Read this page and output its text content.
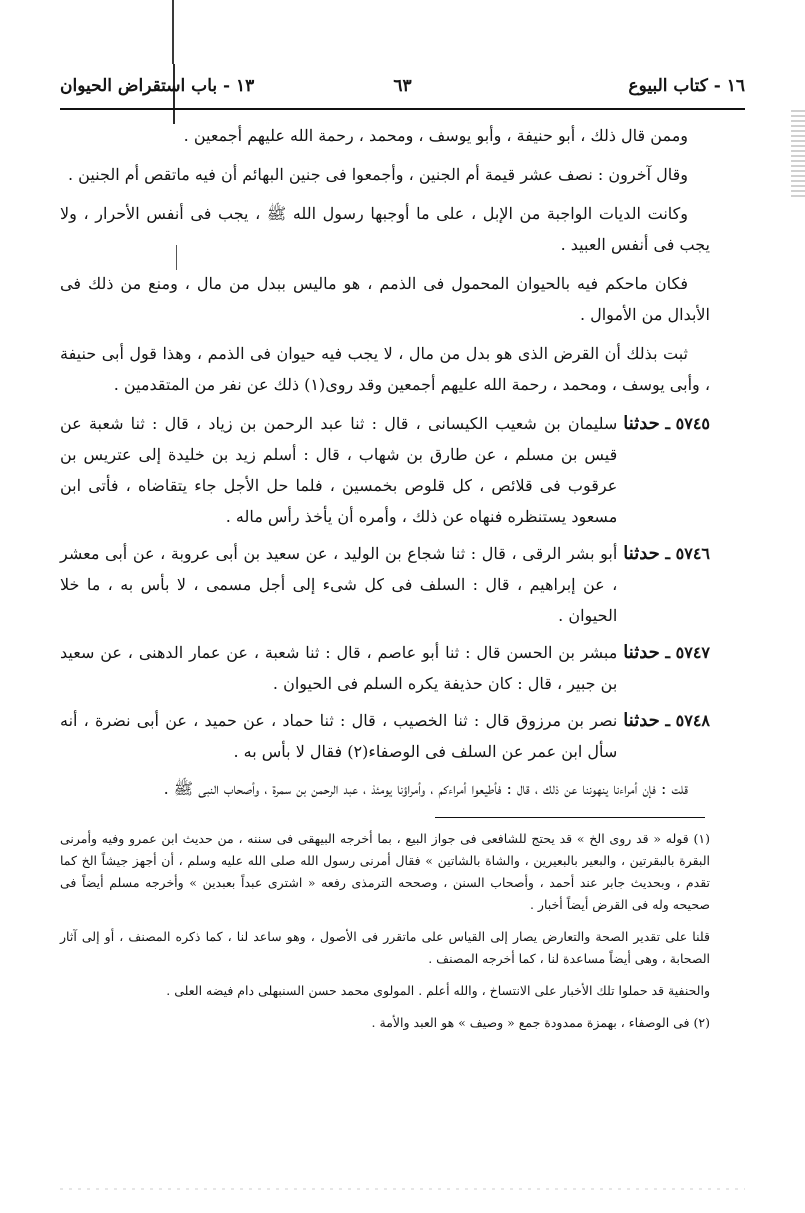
١٦ - كتاب البيوع
٦٣
١٣ - باب استقراض الحيوان

وممن قال ذلك ، أبو حنيفة ، وأبو يوسف ، ومحمد ، رحمة الله عليهم أجمعين .

وقال آخرون : نصف عشر قيمة أم الجنين ، وأجمعوا فى جنين البهائم أن فيه ماتقص أم الجنين .

وكانت الديات الواجبة من الإبل ، على ما أوجبها رسول الله ﷺ ، يجب فى أنفس الأحرار ، ولا يجب فى أنفس العبيد .

فكان ماحكم فيه بالحيوان المحمول فى الذمم ، هو ماليس ببدل من مال ، ومنع من ذلك فى الأبدال من الأموال .

ثبت بذلك أن القرض الذى هو بدل من مال ، لا يجب فيه حيوان فى الذمم ، وهذا قول أبى حنيفة ، وأبى يوسف ، ومحمد ، رحمة الله عليهم أجمعين وقد روى(١) ذلك عن نفر من المتقدمين .

٥٧٤٥ ـ حدثنا
سليمان بن شعيب الكيسانى ، قال : ثنا عبد الرحمن بن زياد ، قال : ثنا شعبة عن قيس بن مسلم ، عن طارق بن شهاب ، قال : أسلم زيد بن خليدة إلى عتريس بن عرقوب فى قلائص ، كل قلوص بخمسين ، فلما حل الأجل جاء يتقاضاه ، فأتى ابن مسعود يستنظره فنهاه عن ذلك ، وأمره أن يأخذ رأس ماله .
٥٧٤٦ ـ حدثنا
أبو بشر الرقى ، قال : ثنا شجاع بن الوليد ، عن سعيد بن أبى عروبة ، عن أبى معشر ، عن إبراهيم ، قال : السلف فى كل شىء إلى أجل مسمى ، لا بأس به ، ما خلا الحيوان .
٥٧٤٧ ـ حدثنا
مبشر بن الحسن قال : ثنا أبو عاصم ، قال : ثنا شعبة ، عن عمار الدهنى ، عن سعيد بن جبير ، قال : كان حذيفة يكره السلم فى الحيوان .
٥٧٤٨ ـ حدثنا
نصر بن مرزوق قال : ثنا الخصيب ، قال : ثنا حماد ، عن حميد ، عن أبى نضرة ، أنه سأل ابن عمر عن السلف فى الوصفاء(٢) فقال لا بأس به .

قلت : فإن أمراءنا ينهوننا عن ذلك ، قال : فأطيعوا أمراءكم ، وأمراؤنا يومئذ ، عبد الرحمن بن سمرة ، وأصحاب النبى ﷺ .

(١) قوله « قد روى الخ » قد يحتج للشافعى فى جواز البيع ، بما أخرجه البيهقى فى سننه ، من حديث ابن عمرو وفيه وأمرنى البقرة بالبقرتين ، والبعير بالبعيرين ، والشاة بالشاتين » فقال أمرنى رسول الله صلى الله عليه وسلم ، أن أجهز جيشاً الخ كما تقدم ، وبحديث جابر عند أحمد ، وأصحاب السنن ، وصححه الترمذى رفعه « اشترى عبداً بعبدين » وأخرجه مسلم أيضاً فى صحيحه وله فى القرض أيضاً أخبار .

قلنا على تقدير الصحة والتعارض يصار إلى القياس على ماتقرر فى الأصول ، وهو ساعد لنا ، كما ذكره المصنف ، أو إلى آثار الصحابة ، وهى أيضاً مساعدة لنا ، كما أخرجه المصنف .

والحنفية قد حملوا تلك الأخبار على الانتساخ ، والله أعلم . المولوى محمد حسن السنبهلى دام فيضه العلى .

(٢) فى الوصفاء ، بهمزة ممدودة جمع « وصيف » هو العبد والأمة .
